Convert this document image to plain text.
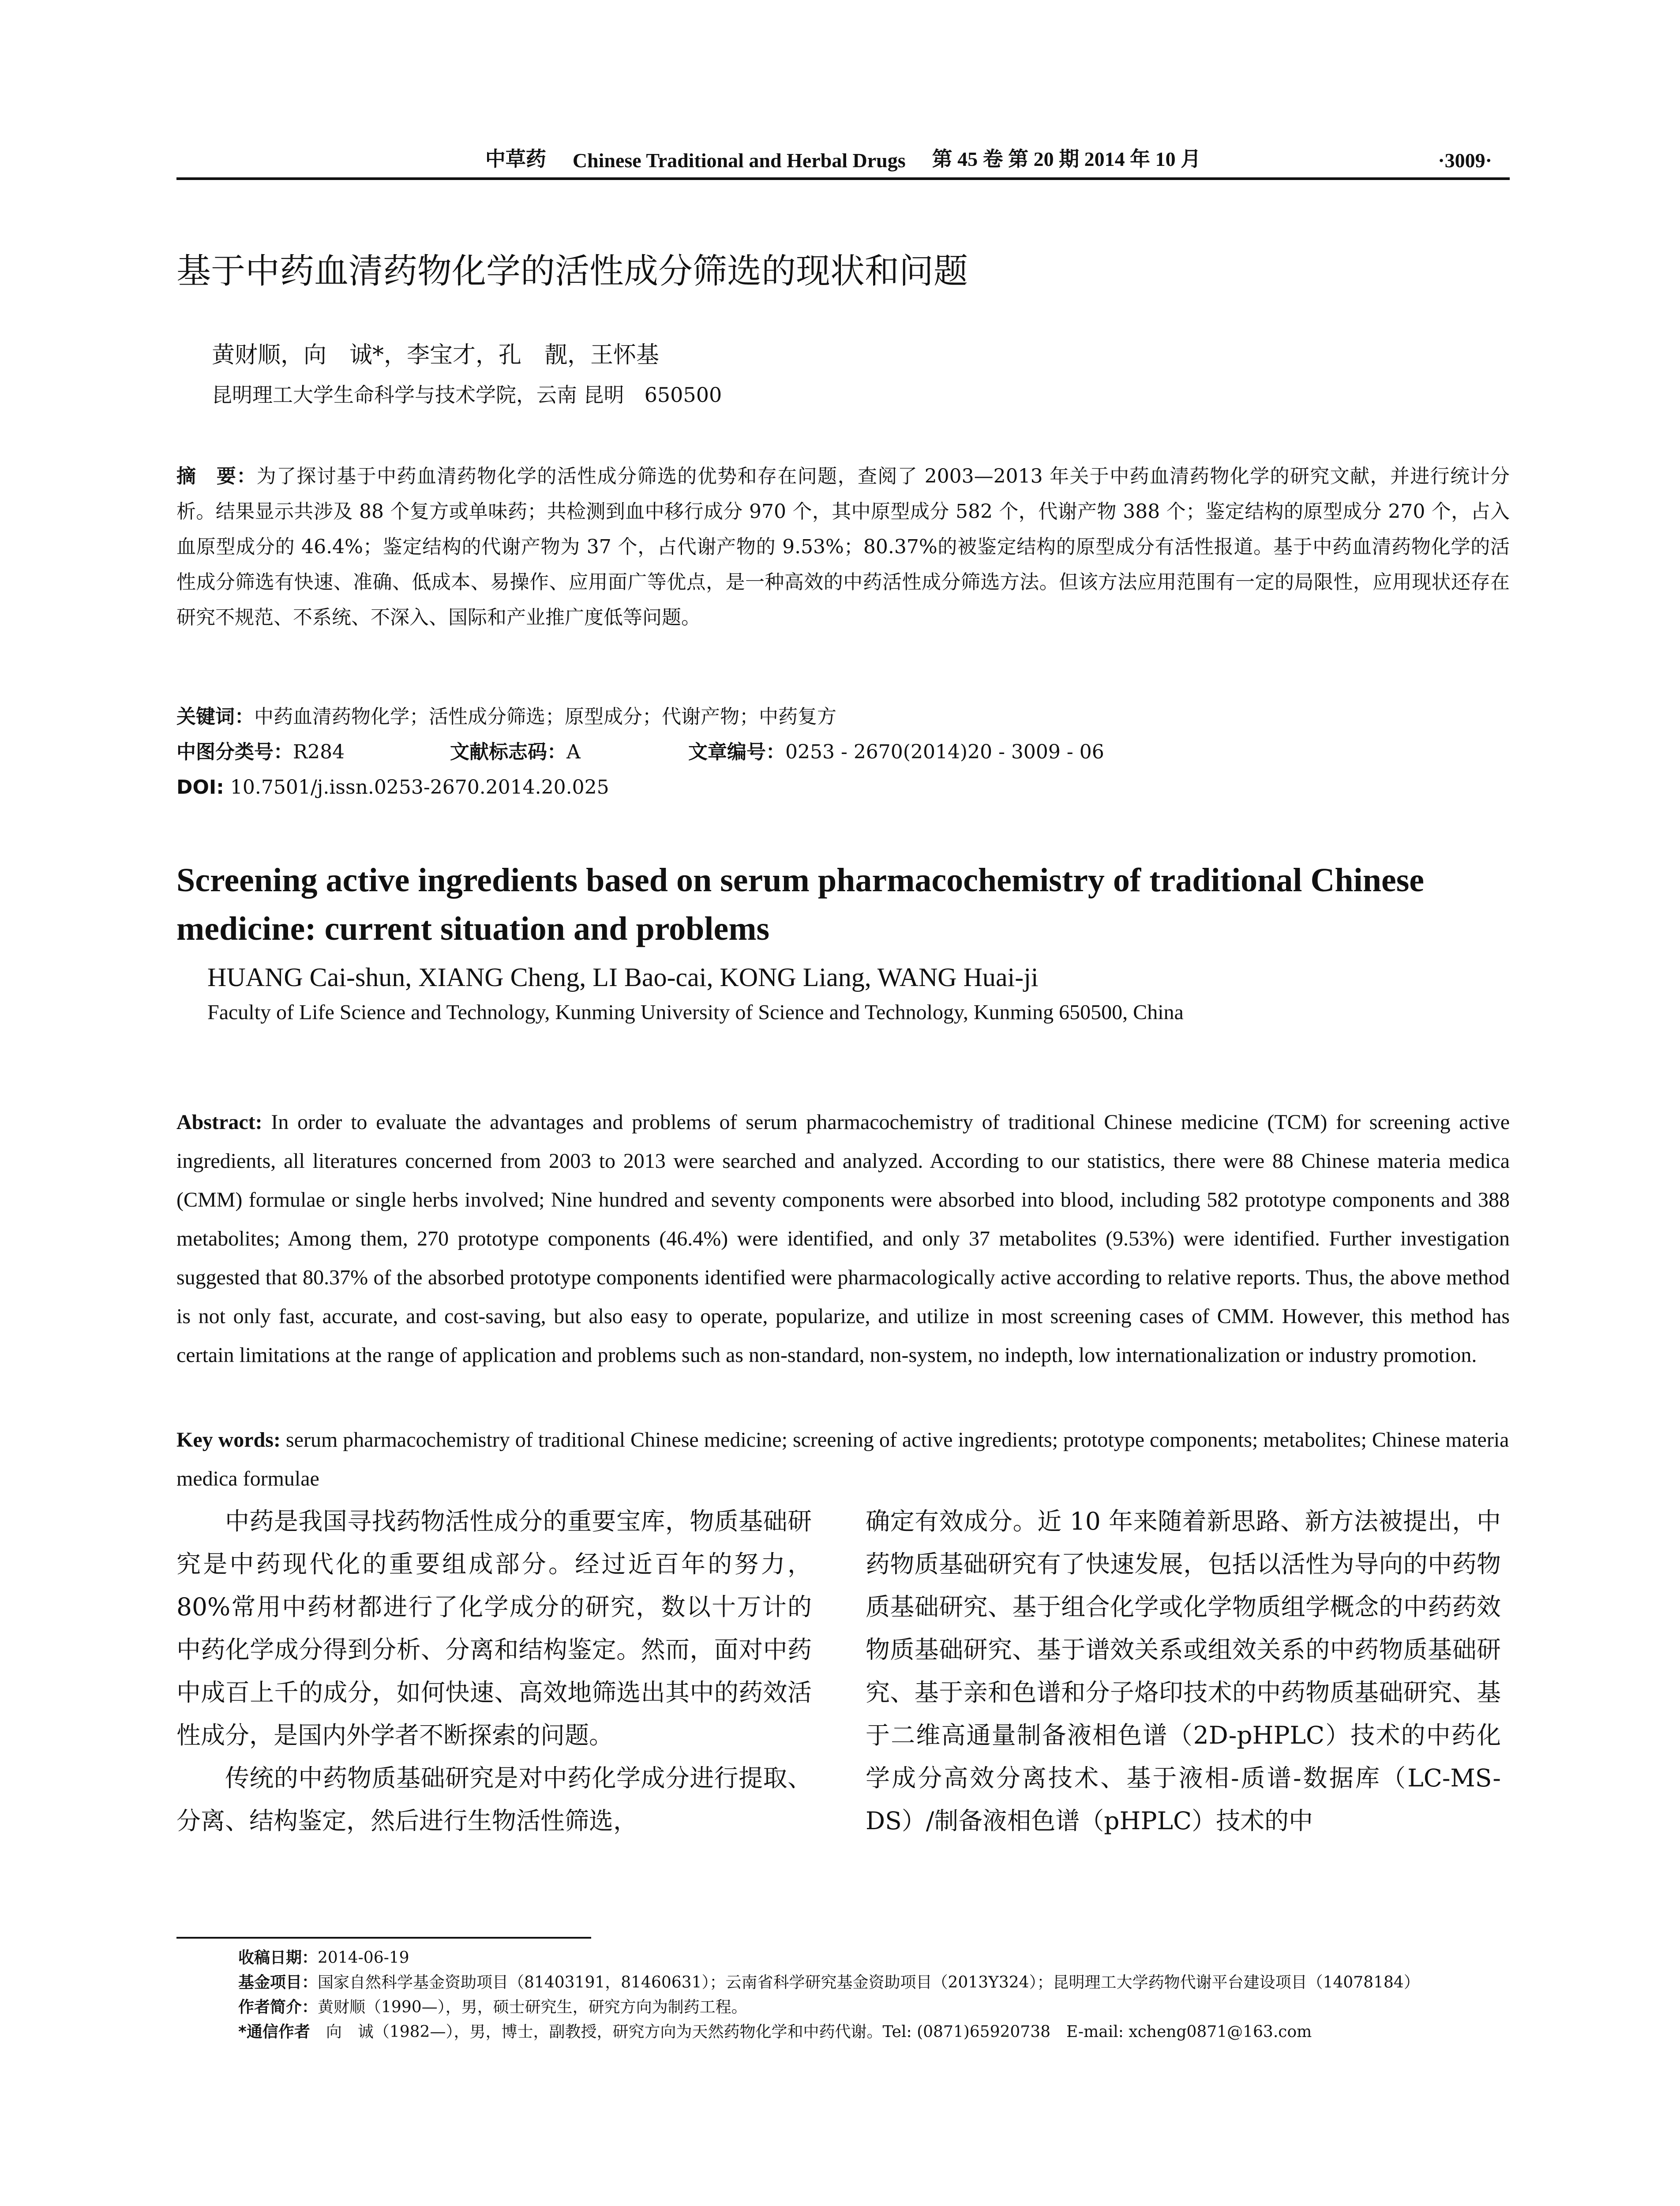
中草药 Chinese Traditional and Herbal Drugs 第 45 卷 第 20 期 2014 年 10 月	·3009·
基于中药血清药物化学的活性成分筛选的现状和问题
黄财顺，向　诚*，李宝才，孔　靓，王怀基
昆明理工大学生命科学与技术学院，云南 昆明　650500
摘　要：为了探讨基于中药血清药物化学的活性成分筛选的优势和存在问题，查阅了 2003—2013 年关于中药血清药物化学的研究文献，并进行统计分析。结果显示共涉及 88 个复方或单味药；共检测到血中移行成分 970 个，其中原型成分 582 个，代谢产物 388 个；鉴定结构的原型成分 270 个，占入血原型成分的 46.4%；鉴定结构的代谢产物为 37 个，占代谢产物的 9.53%；80.37%的被鉴定结构的原型成分有活性报道。基于中药血清药物化学的活性成分筛选有快速、准确、低成本、易操作、应用面广等优点，是一种高效的中药活性成分筛选方法。但该方法应用范围有一定的局限性，应用现状还存在研究不规范、不系统、不深入、国际和产业推广度低等问题。
关键词：中药血清药物化学；活性成分筛选；原型成分；代谢产物；中药复方
中图分类号：R284	文献标志码：A	文章编号：0253 - 2670(2014)20 - 3009 - 06
DOI: 10.7501/j.issn.0253-2670.2014.20.025
Screening active ingredients based on serum pharmacochemistry of traditional Chinese medicine: current situation and problems
HUANG Cai-shun, XIANG Cheng, LI Bao-cai, KONG Liang, WANG Huai-ji
Faculty of Life Science and Technology, Kunming University of Science and Technology, Kunming 650500, China
Abstract: In order to evaluate the advantages and problems of serum pharmacochemistry of traditional Chinese medicine (TCM) for screening active ingredients, all literatures concerned from 2003 to 2013 were searched and analyzed. According to our statistics, there were 88 Chinese materia medica (CMM) formulae or single herbs involved; Nine hundred and seventy components were absorbed into blood, including 582 prototype components and 388 metabolites; Among them, 270 prototype components (46.4%) were identified, and only 37 metabolites (9.53%) were identified. Further investigation suggested that 80.37% of the absorbed prototype components identified were pharmacologically active according to relative reports. Thus, the above method is not only fast, accurate, and cost-saving, but also easy to operate, popularize, and utilize in most screening cases of CMM. However, this method has certain limitations at the range of application and problems such as non-standard, non-system, no indepth, low internationalization or industry promotion.
Key words: serum pharmacochemistry of traditional Chinese medicine; screening of active ingredients; prototype components; metabolites; Chinese materia medica formulae

中药是我国寻找药物活性成分的重要宝库，物质基础研究是中药现代化的重要组成部分。经过近百年的努力，80%常用中药材都进行了化学成分的研究，数以十万计的中药化学成分得到分析、分离和结构鉴定。然而，面对中药中成百上千的成分，如何快速、高效地筛选出其中的药效活性成分，是国内外学者不断探索的问题。

传统的中药物质基础研究是对中药化学成分进行提取、分离、结构鉴定，然后进行生物活性筛选，

确定有效成分。近 10 年来随着新思路、新方法被提出，中药物质基础研究有了快速发展，包括以活性为导向的中药物质基础研究、基于组合化学或化学物质组学概念的中药药效物质基础研究、基于谱效关系或组效关系的中药物质基础研究、基于亲和色谱和分子烙印技术的中药物质基础研究、基于二维高通量制备液相色谱（2D-pHPLC）技术的中药化学成分高效分离技术、基于液相-质谱-数据库（LC-MS-DS）/制备液相色谱（pHPLC）技术的中

收稿日期：2014-06-19
基金项目：国家自然科学基金资助项目（81403191，81460631）；云南省科学研究基金资助项目（2013Y324）；昆明理工大学药物代谢平台建设项目（14078184）
作者简介：黄财顺（1990—），男，硕士研究生，研究方向为制药工程。
*通信作者　 向　诚（1982—），男，博士，副教授，研究方向为天然药物化学和中药代谢。Tel: (0871)65920738　E-mail: xcheng0871@163.com
